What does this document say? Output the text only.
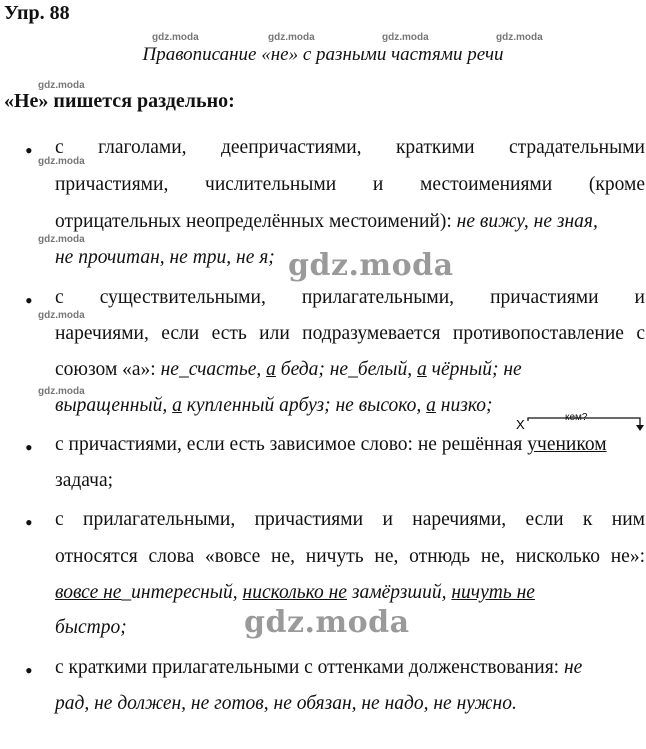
Упр. 88
Правописание «не» с разными частями речи
«Не» пишется раздельно:
gdz.moda	gdz.moda	gdz.moda	gdz.moda
gdz.moda
gdz.moda
gdz.moda
gdz.moda
gdz.moda
gdz.moda
gdz.moda
• с глаголами, деепричастиями, краткими страдательными
причастиями, числительными и местоимениями (кроме
отрицательных неопределённых местоимений): не вижу, не зная,
не прочитан, не три, не я;
• с существительными, прилагательными, причастиями и
наречиями, если есть или подразумевается противопоставление с
союзом «а»: не_счастье, а беда; не_белый, а чёрный; не
выращенный, а купленный арбуз; не высоко, а низко;
кем?
X
• с причастиями, если есть зависимое слово: не решённая учеником
задача;
• с прилагательными, причастиями и наречиями, если к ним
относятся слова «вовсе не, ничуть не, отнюдь не, нисколько не»:
вовсе не_интересный, нисколько не замёрзший, ничуть не
быстро;
• с краткими прилагательными с оттенками долженствования: не
рад, не должен, не готов, не обязан, не надо, не нужно.
